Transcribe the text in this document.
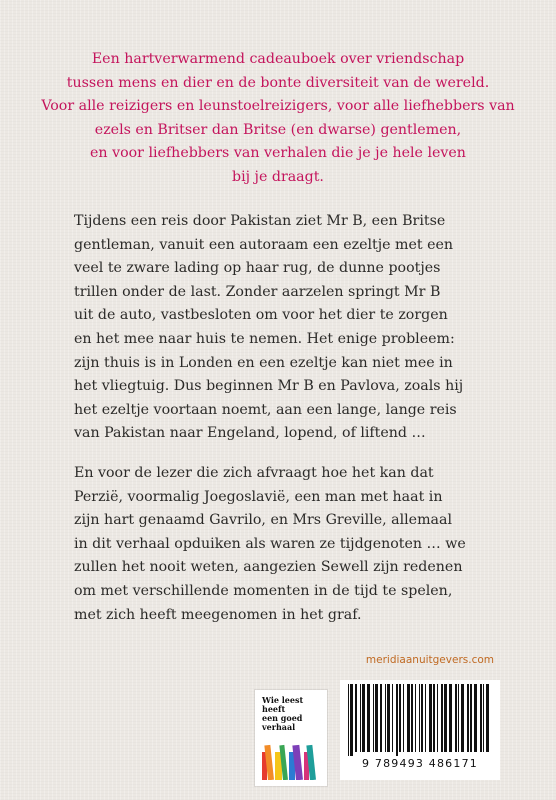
Een hartverwarmend cadeauboek over vriendschap
tussen mens en dier en de bonte diversiteit van de wereld.
Voor alle reizigers en leunstoelreizigers, voor alle liefhebbers van
ezels en Britser dan Britse (en dwarse) gentlemen,
en voor liefhebbers van verhalen die je je hele leven
bij je draagt.
Tijdens een reis door Pakistan ziet Mr B, een Britse
gentleman, vanuit een autoraam een ezeltje met een
veel te zware lading op haar rug, de dunne pootjes
trillen onder de last. Zonder aarzelen springt Mr B
uit de auto, vastbesloten om voor het dier te zorgen
en het mee naar huis te nemen. Het enige probleem:
zijn thuis is in Londen en een ezeltje kan niet mee in
het vliegtuig. Dus beginnen Mr B en Pavlova, zoals hij
het ezeltje voortaan noemt, aan een lange, lange reis
van Pakistan naar Engeland, lopend, of liftend …
En voor de lezer die zich afvraagt hoe het kan dat
Perzië, voormalig Joegoslavië, een man met haat in
zijn hart genaamd Gavrilo, en Mrs Greville, allemaal
in dit verhaal opduiken als waren ze tijdgenoten … we
zullen het nooit weten, aangezien Sewell zijn redenen
om met verschillende momenten in de tijd te spelen,
met zich heeft meegenomen in het graf.
meridiaanuitgevers.com
Wie leest
heeft
een goed
verhaal
9 789493 486171
